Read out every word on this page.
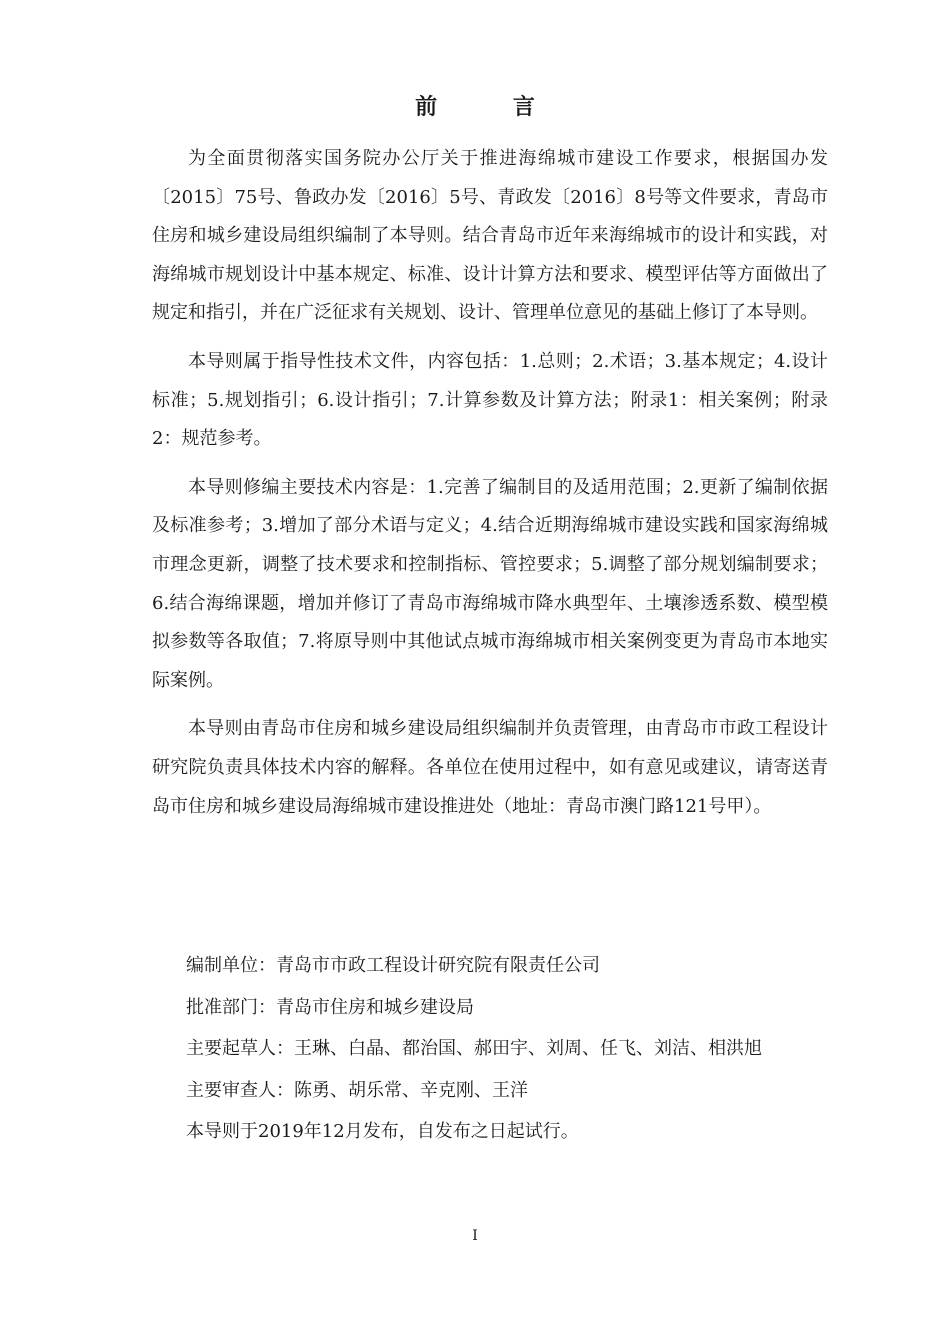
前 言

为全面贯彻落实国务院办公厅关于推进海绵城市建设工作要求，根据国办发〔2015〕75号、鲁政办发〔2016〕5号、青政发〔2016〕8号等文件要求，青岛市住房和城乡建设局组织编制了本导则。结合青岛市近年来海绵城市的设计和实践，对海绵城市规划设计中基本规定、标准、设计计算方法和要求、模型评估等方面做出了规定和指引，并在广泛征求有关规划、设计、管理单位意见的基础上修订了本导则。

本导则属于指导性技术文件，内容包括：1.总则；2.术语；3.基本规定；4.设计标准；5.规划指引；6.设计指引；7.计算参数及计算方法；附录1：相关案例；附录2：规范参考。

本导则修编主要技术内容是：1.完善了编制目的及适用范围；2.更新了编制依据及标准参考；3.增加了部分术语与定义；4.结合近期海绵城市建设实践和国家海绵城市理念更新，调整了技术要求和控制指标、管控要求；5.调整了部分规划编制要求；6.结合海绵课题，增加并修订了青岛市海绵城市降水典型年、土壤渗透系数、模型模拟参数等各取值；7.将原导则中其他试点城市海绵城市相关案例变更为青岛市本地实际案例。

本导则由青岛市住房和城乡建设局组织编制并负责管理，由青岛市市政工程设计研究院负责具体技术内容的解释。各单位在使用过程中，如有意见或建议，请寄送青岛市住房和城乡建设局海绵城市建设推进处（地址：青岛市澳门路121号甲）。

编制单位：青岛市市政工程设计研究院有限责任公司
批准部门：青岛市住房和城乡建设局
主要起草人：王琳、白晶、都治国、郝田宇、刘周、任飞、刘洁、相洪旭
主要审查人：陈勇、胡乐常、辛克刚、王洋
本导则于2019年12月发布，自发布之日起试行。
I
